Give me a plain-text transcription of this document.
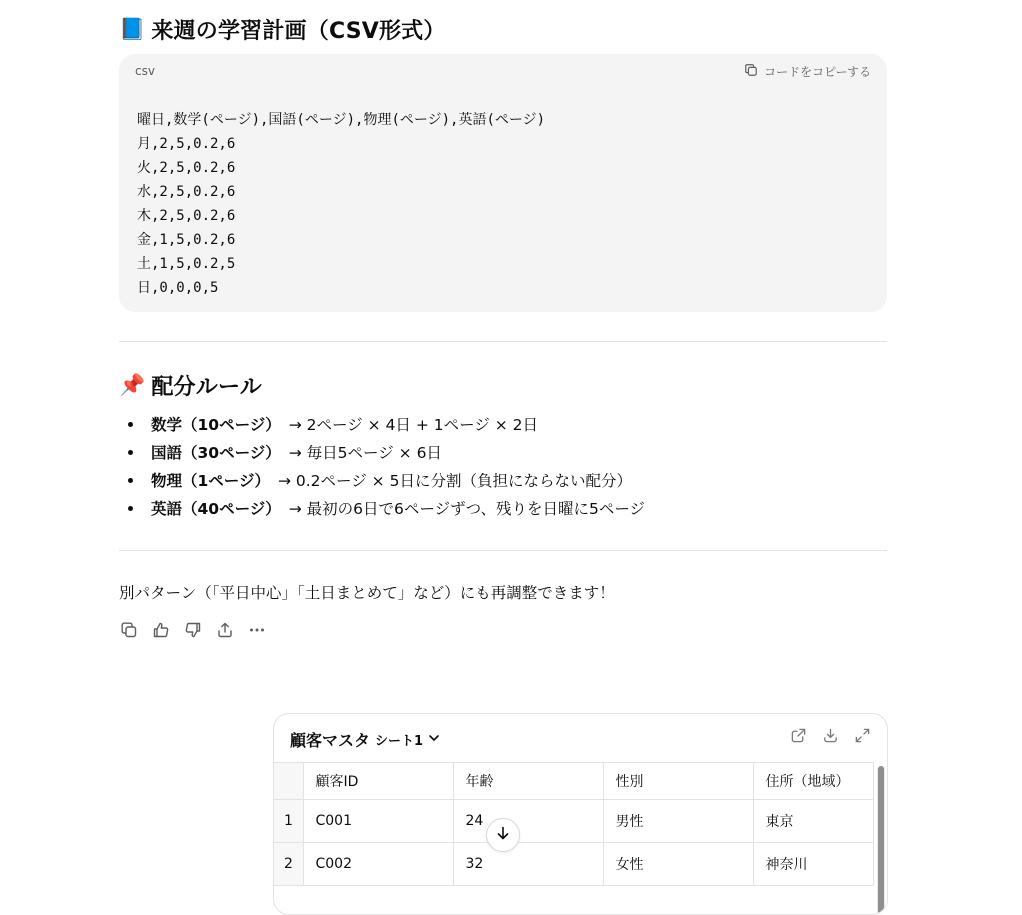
📘 来週の学習計画（CSV形式）
csv	コードをコピーする
曜日,数学(ページ),国語(ページ),物理(ページ),英語(ページ)
月,2,5,0.2,6
火,2,5,0.2,6
水,2,5,0.2,6
木,2,5,0.2,6
金,1,5,0.2,6
土,1,5,0.2,5
日,0,0,0,5
📌 配分ルール
数学（10ページ） → 2ページ × 4日 + 1ページ × 2日
国語（30ページ） → 毎日5ページ × 6日
物理（1ページ） → 0.2ページ × 5日に分割（負担にならない配分）
英語（40ページ） → 最初の6日で6ページずつ、残りを日曜に5ページ
別パターン（「平日中心」「土日まとめて」など）にも再調整できます！
顧客マスタ シート1
	顧客ID	年齢	性別	住所（地域）
1	C001	24	男性	東京
2	C002	32	女性	神奈川
